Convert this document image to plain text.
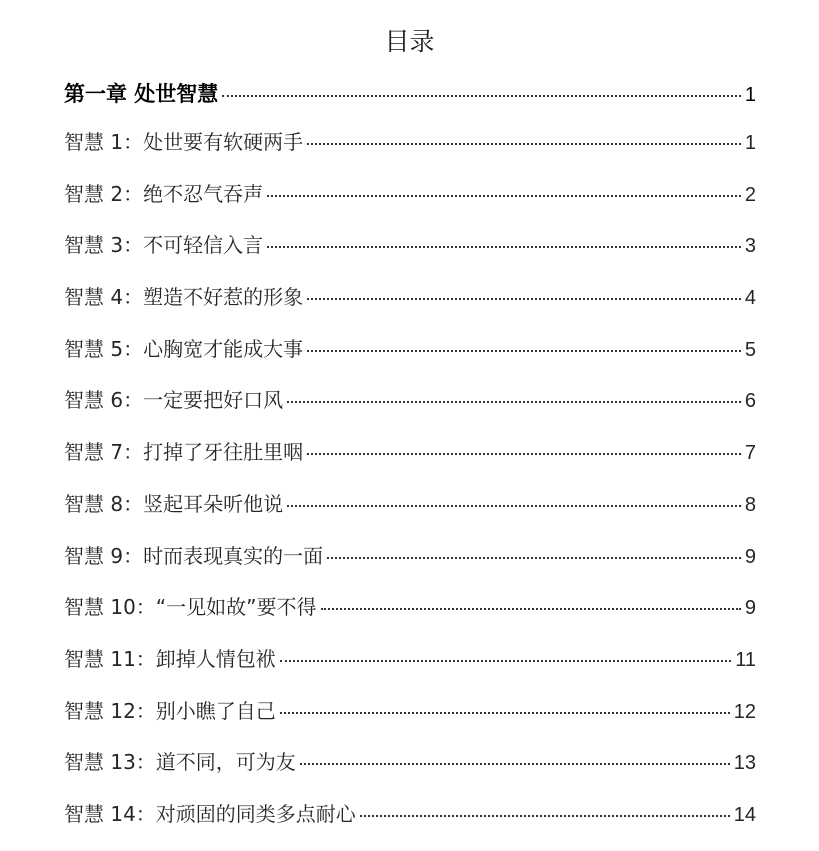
目录
第一章 处世智慧	1
智慧 1：处世要有软硬两手	1
智慧 2：绝不忍气吞声	2
智慧 3：不可轻信入言	3
智慧 4：塑造不好惹的形象	4
智慧 5：心胸宽才能成大事	5
智慧 6：一定要把好口风	6
智慧 7：打掉了牙往肚里咽	7
智慧 8：竖起耳朵听他说	8
智慧 9：时而表现真实的一面	9
智慧 10：“一见如故”要不得	9
智慧 11：卸掉人情包袱	11
智慧 12：别小瞧了自己	12
智慧 13：道不同，可为友	13
智慧 14：对顽固的同类多点耐心	14
